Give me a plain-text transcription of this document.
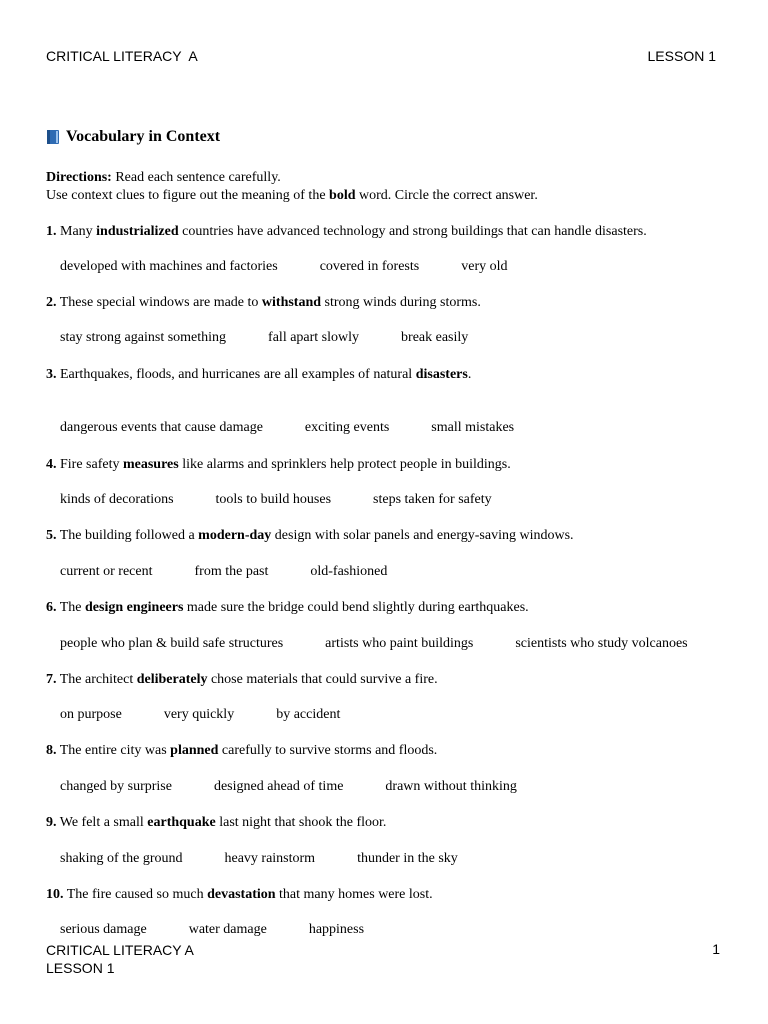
CRITICAL LITERACY  A	LESSON 1
Vocabulary in Context
Directions: Read each sentence carefully.
Use context clues to figure out the meaning of the bold word. Circle the correct answer.
1. Many industrialized countries have advanced technology and strong buildings that can handle disasters.
developed with machines and factories	covered in forests	very old
2. These special windows are made to withstand strong winds during storms.
stay strong against something	fall apart slowly	break easily
3. Earthquakes, floods, and hurricanes are all examples of natural disasters.
dangerous events that cause damage	exciting events	small mistakes
4. Fire safety measures like alarms and sprinklers help protect people in buildings.
kinds of decorations	tools to build houses	steps taken for safety
5. The building followed a modern-day design with solar panels and energy-saving windows.
current or recent	from the past	old-fashioned
6. The design engineers made sure the bridge could bend slightly during earthquakes.
people who plan & build safe structures	artists who paint buildings	scientists who study volcanoes
7. The architect deliberately chose materials that could survive a fire.
on purpose	very quickly	by accident
8. The entire city was planned carefully to survive storms and floods.
changed by surprise	designed ahead of time	drawn without thinking
9. We felt a small earthquake last night that shook the floor.
shaking of the ground	heavy rainstorm	thunder in the sky
10. The fire caused so much devastation that many homes were lost.
serious damage	water damage	happiness
CRITICAL LITERACY A
LESSON 1
1
